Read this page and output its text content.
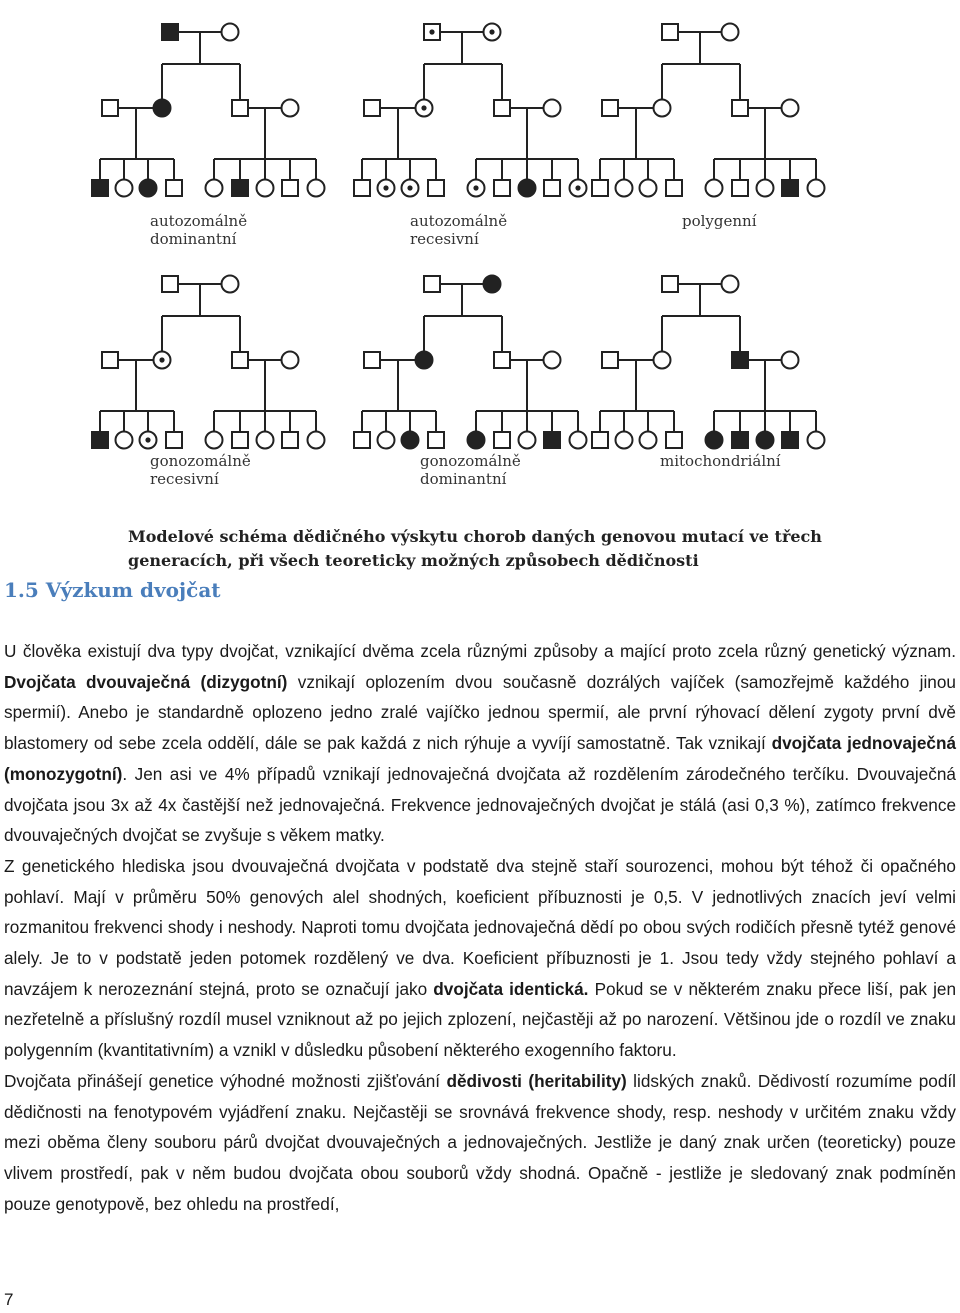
autozomálně
dominantní
autozomálně
recesivní
polygenní
gonozomálně
recesivní
gonozomálně
dominantní
mitochondriální
Modelové schéma dědičného výskytu chorob daných genovou mutací ve třech
generacích, při všech teoreticky možných způsobech dědičnosti
1.5 Výzkum dvojčat

U člověka existují dva typy dvojčat, vznikající dvěma zcela různými způsoby a mající proto zcela různý genetický význam. Dvojčata dvouvaječná (dizygotní) vznikají oplozením dvou současně dozrálých vajíček (samozřejmě každého jinou spermií). Anebo je standardně oplozeno jedno zralé vajíčko jednou spermií, ale první rýhovací dělení zygoty první dvě blastomery od sebe zcela oddělí, dále se pak každá z nich rýhuje a vyvíjí samostatně. Tak vznikají dvojčata jednovaječná (monozygotní). Jen asi ve 4% případů vznikají jednovaječná dvojčata až rozdělením zárodečného terčíku. Dvouvaječná dvojčata jsou 3x až 4x častější než jednovaječná. Frekvence jednovaječných dvojčat je stálá (asi 0,3 %), zatímco frekvence dvouvaječných dvojčat se zvyšuje s věkem matky.

Z genetického hlediska jsou dvouvaječná dvojčata v podstatě dva stejně staří sourozenci, mohou být téhož či opačného pohlaví. Mají v průměru 50% genových alel shodných, koeficient příbuznosti je 0,5. V jednotlivých znacích jeví velmi rozmanitou frekvenci shody i neshody. Naproti tomu dvojčata jednovaječná dědí po obou svých rodičích přesně tytéž genové alely. Je to v podstatě jeden potomek rozdělený ve dva. Koeficient příbuznosti je 1. Jsou tedy vždy stejného pohlaví a navzájem k nerozeznání stejná, proto se označují jako dvojčata identická. Pokud se v některém znaku přece liší, pak jen nezřetelně a příslušný rozdíl musel vzniknout až po jejich zplození, nejčastěji až po narození. Většinou jde o rozdíl ve znaku polygenním (kvantitativním) a vznikl v důsledku působení některého exogenního faktoru.

Dvojčata přinášejí genetice výhodné možnosti zjišťování dědivosti (heritability) lidských znaků. Dědivostí rozumíme podíl dědičnosti na fenotypovém vyjádření znaku. Nejčastěji se srovnává frekvence shody, resp. neshody v určitém znaku vždy mezi oběma členy souboru párů dvojčat dvouvaječných a jednovaječných. Jestliže je daný znak určen (teoreticky) pouze vlivem prostředí, pak v něm budou dvojčata obou souborů vždy shodná. Opačně - jestliže je sledovaný znak podmíněn pouze genotypově, bez ohledu na prostředí,

7
